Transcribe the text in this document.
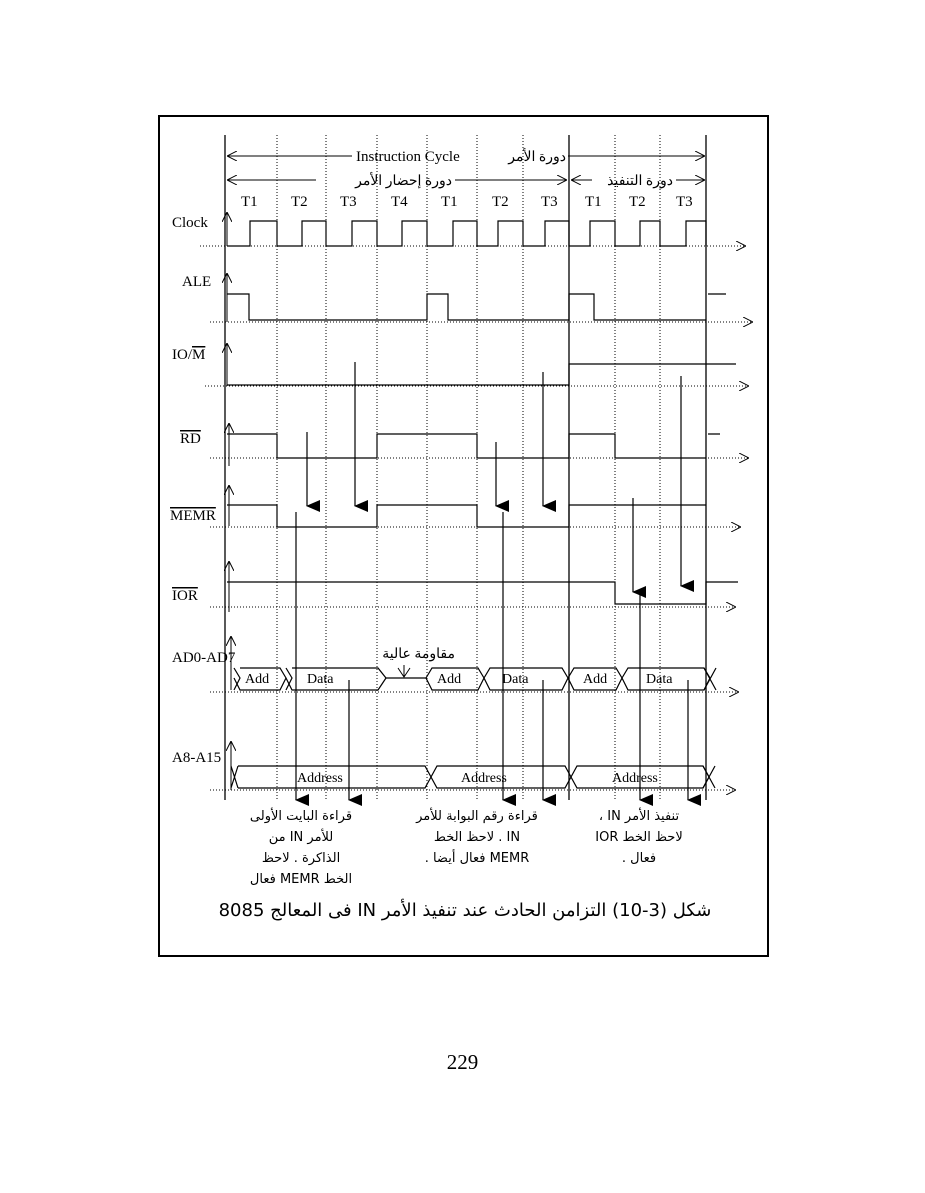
Instruction Cycle	دورة الأمر
دورة إحضار الأمر	دورة التنفيذ
T1 T2 T3 T4 T1 T2 T3 T1 T2 T3
Clock
ALE
IO/M
RD
MEMR
IOR
AD0-AD7
A8-A15
مقاومة عالية
Add	Data	Add	Data	Add	Data
Address	Address	Address
قراءة البايت الأولى
للأمر IN من
الذاكرة . لاحظ
الخط MEMR فعال
قراءة رقم البوابة للأمر
IN . لاحظ الخط
MEMR فعال أيضا .
تنفيذ الأمر IN ،
لاحظ الخط IOR
فعال .
شكل (3-10) التزامن الحادث عند تنفيذ الأمر IN فى المعالج 8085
229
